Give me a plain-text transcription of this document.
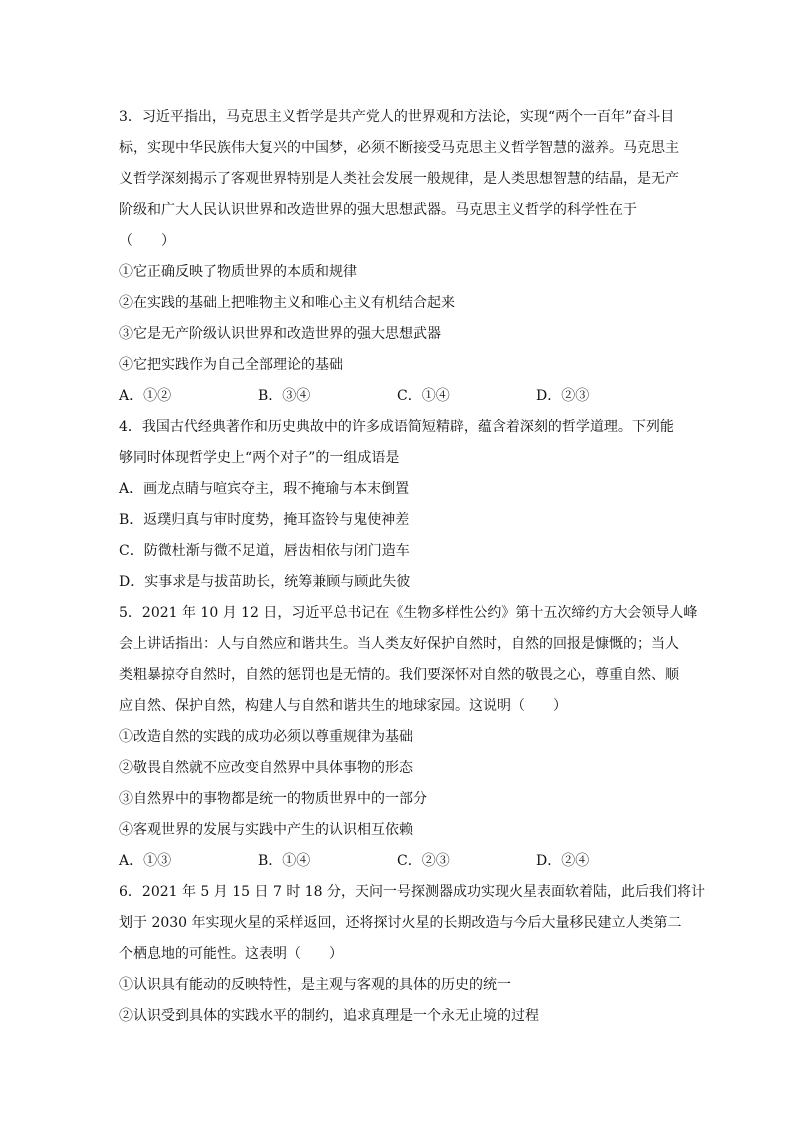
3．习近平指出，马克思主义哲学是共产党人的世界观和方法论，实现“两个一百年”奋斗目
标，实现中华民族伟大复兴的中国梦，必须不断接受马克思主义哲学智慧的滋养。马克思主
义哲学深刻揭示了客观世界特别是人类社会发展一般规律，是人类思想智慧的结晶，是无产
阶级和广大人民认识世界和改造世界的强大思想武器。马克思主义哲学的科学性在于
（　　）
①它正确反映了物质世界的本质和规律
②在实践的基础上把唯物主义和唯心主义有机结合起来
③它是无产阶级认识世界和改造世界的强大思想武器
④它把实践作为自己全部理论的基础
A．①②	B．③④	C．①④	D．②③
4．我国古代经典著作和历史典故中的许多成语简短精辟，蕴含着深刻的哲学道理。下列能
够同时体现哲学史上“两个对子”的一组成语是
A．画龙点睛与喧宾夺主，瑕不掩瑜与本末倒置
B．返璞归真与审时度势，掩耳盗铃与鬼使神差
C．防微杜渐与微不足道，唇齿相依与闭门造车
D．实事求是与拔苗助长，统筹兼顾与顾此失彼
5．2021 年 10 月 12 日，习近平总书记在《生物多样性公约》第十五次缔约方大会领导人峰
会上讲话指出：人与自然应和谐共生。当人类友好保护自然时，自然的回报是慷慨的；当人
类粗暴掠夺自然时，自然的惩罚也是无情的。我们要深怀对自然的敬畏之心，尊重自然、顺
应自然、保护自然，构建人与自然和谐共生的地球家园。这说明（　　）
①改造自然的实践的成功必须以尊重规律为基础
②敬畏自然就不应改变自然界中具体事物的形态
③自然界中的事物都是统一的物质世界中的一部分
④客观世界的发展与实践中产生的认识相互依赖
A．①③	B．①④	C．②③	D．②④
6．2021 年 5 月 15 日 7 时 18 分，天问一号探测器成功实现火星表面软着陆，此后我们将计
划于 2030 年实现火星的采样返回，还将探讨火星的长期改造与今后大量移民建立人类第二
个栖息地的可能性。这表明（　　）
①认识具有能动的反映特性，是主观与客观的具体的历史的统一
②认识受到具体的实践水平的制约，追求真理是一个永无止境的过程
